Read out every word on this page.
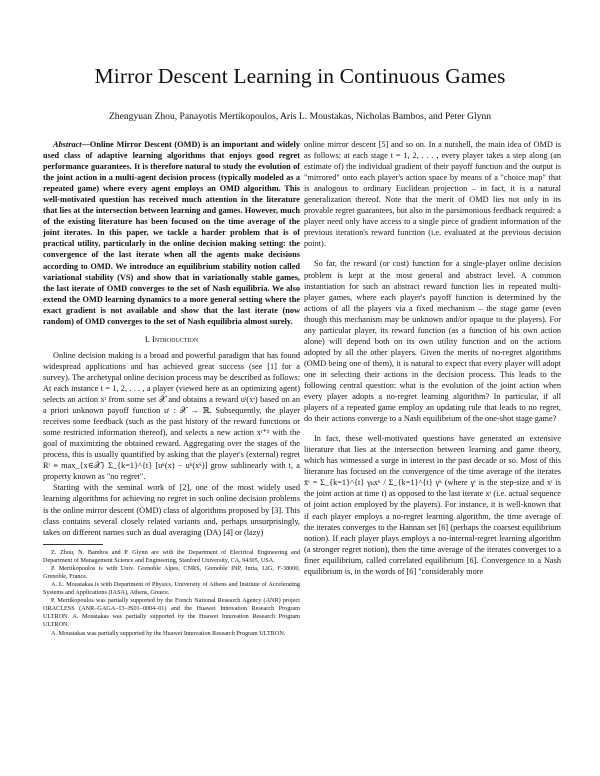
Mirror Descent Learning in Continuous Games
Zhengyuan Zhou, Panayotis Mertikopoulos, Aris L. Moustakas, Nicholas Bambos, and Peter Glynn

Abstract—Online Mirror Descent (OMD) is an important and widely used class of adaptive learning algorithms that enjoys good regret performance guarantees. It is therefore natural to study the evolution of the joint action in a multi-agent decision process (typically modeled as a repeated game) where every agent employs an OMD algorithm. This well-motivated question has received much attention in the literature that lies at the intersection between learning and games. However, much of the existing literature has been focused on the time average of the joint iterates. In this paper, we tackle a harder problem that is of practical utility, particularly in the online decision making setting: the convergence of the last iterate when all the agents make decisions according to OMD. We introduce an equilibrium stability notion called variational stability (VS) and show that in variationally stable games, the last iterate of OMD converges to the set of Nash equilibria. We also extend the OMD learning dynamics to a more general setting where the exact gradient is not available and show that the last iterate (now random) of OMD converges to the set of Nash equilibria almost surely.

I. Introduction

Online decision making is a broad and powerful paradigm that has found widespread applications and has achieved great success (see [1] for a survey). The archetypal online decision process may be described as follows: At each instance t = 1, 2, . . . , a player (viewed here as an optimizing agent) selects an action xᵗ from some set 𝒳 and obtains a reward uᵗ(xᵗ) based on an a priori unknown payoff function uᵗ : 𝒳 → ℝ. Subsequently, the player receives some feedback (such as the past history of the reward functions or some restricted information thereof), and selects a new action xᵗ⁺¹ with the goal of maximizing the obtained reward. Aggregating over the stages of the process, this is usually quantified by asking that the player's (external) regret Rᵗ ≡ max_{x∈𝒳} Σ_{k=1}^{t} [uᵏ(x) − uᵏ(xᵏ)] grow sublinearly with t, a property known as "no regret".

Starting with the seminal work of [2], one of the most widely used learning algorithms for achieving no regret in such online decision problems is the online mirror descent (OMD) class of algorithms proposed by [3]. This class contains several closely related variants and, perhaps unsurprisingly, takes on different names such as dual averaging (DA) [4] or (lazy)

Z. Zhou, N. Bambos and P. Glynn are with the Department of Electrical Engineering and Department of Management Science and Engineering, Stanford University, CA, 94305, USA.

P. Mertikopoulos is with Univ. Grenoble Alpes, CNRS, Grenoble INP, Inria, LIG, F-38000, Grenoble, France.

A. L. Moustakas is with Department of Physics, University of Athens and Institute of Accelerating Systems and Applications (IASA), Athens, Greece.

P. Mertikopoulos was partially supported by the French National Research Agency (ANR) project ORACLESS (ANR–GAGA–13–JS01–0004–01) and the Huawei Innovation Research Program ULTRON. A. Moustakas was partially supported by the Huawei Innovation Research Program ULTRON.

A. Moustakas was partially supported by the Huawei Innovation Research Program ULTRON.

online mirror descent [5] and so on. In a nutshell, the main idea of OMD is as follows: at each stage t = 1, 2, . . . , every player takes a step along (an estimate of) the individual gradient of their payoff function and the output is "mirrored" onto each player's action space by means of a "choice map" that is analogous to ordinary Euclidean projection – in fact, it is a natural generalization thereof. Note that the merit of OMD lies not only in its provable regret guarantees, but also in the parsimonious feedback required: a player need only have access to a single piece of gradient information of the previous iteration's reward function (i.e. evaluated at the previous decision point).

So far, the reward (or cost) function for a single-player online decision problem is kept at the most general and abstract level. A common instantiation for such an abstract reward function lies in repeated multi-player games, where each player's payoff function is determined by the actions of all the players via a fixed mechanism – the stage game (even though this mechanism may be unknown and/or opaque to the players). For any particular player, its reward function (as a function of his own action alone) will depend both on its own utility function and on the actions adopted by all the other players. Given the merits of no-regret algorithms (OMD being one of them), it is natural to expect that every player will adopt one in selecting their actions in the decision process. This leads to the following central question: what is the evolution of the joint action when every player adopts a no-regret learning algorithm? In particular, if all players of a repeated game employ an updating rule that leads to no regret, do their actions converge to a Nash equilibrium of the one-shot stage game?

In fact, these well-motivated questions have generated an extensive literature that lies at the intersection between learning and game theory, which has witnessed a surge in interest in the past decade or so. Most of this literature has focused on the convergence of the time average of the iterates x̄ᵗ = Σ_{k=1}^{t} γₖxᵏ / Σ_{k=1}^{t} γᵏ (where γᵗ is the step-size and xᵗ is the joint action at time t) as opposed to the last iterate xᵗ (i.e. actual sequence of joint action employed by the players). For instance, it is well-known that if each player employs a no-regret learning algorithm, the time average of the iterates converges to the Hannan set [6] (perhaps the coarsest equilibrium notion). If each player plays employs a no-internal-regret learning algorithm (a stronger regret notion), then the time average of the iterates converges to a finer equilibrium, called correlated equilibrium [6]. Convergence to a Nash equilibrium is, in the words of [6] "considerably more
